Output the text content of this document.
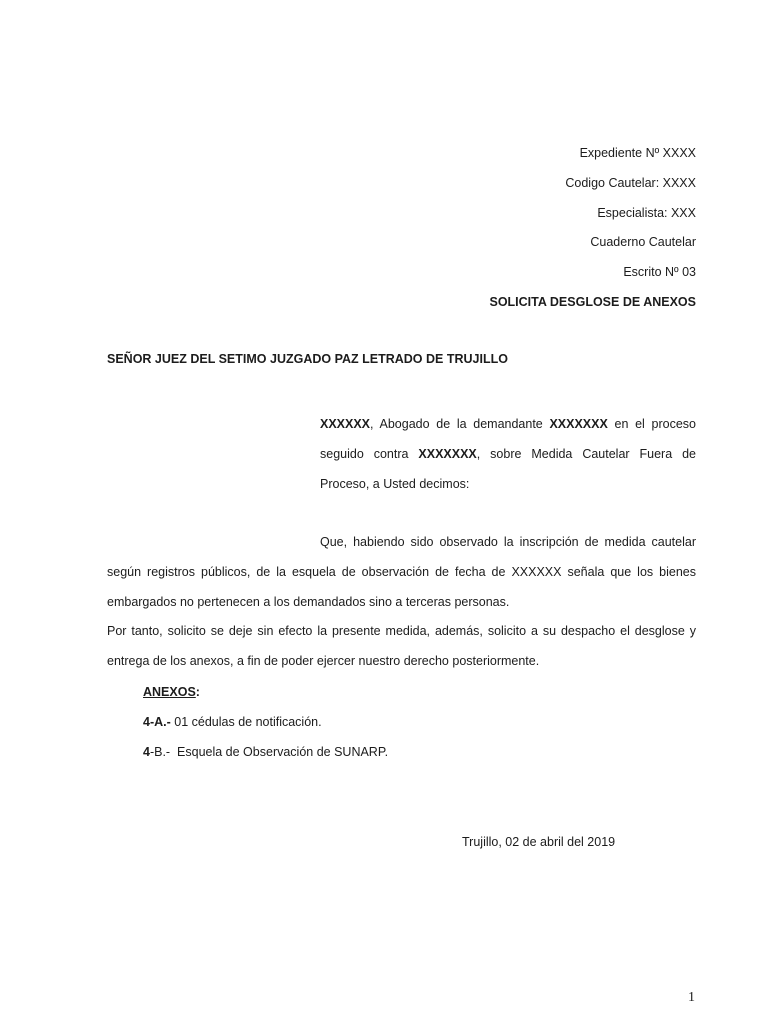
Expediente Nº XXXX
Codigo Cautelar: XXXX
Especialista: XXX
Cuaderno Cautelar
Escrito Nº 03
SOLICITA DESGLOSE DE ANEXOS
SEÑOR JUEZ DEL SETIMO JUZGADO PAZ LETRADO DE TRUJILLO
XXXXXX, Abogado de la demandante XXXXXXX en el proceso seguido contra XXXXXXX, sobre Medida Cautelar Fuera de Proceso, a Usted decimos:
Que, habiendo sido observado la inscripción de medida cautelar según registros públicos, de la esquela de observación de fecha de XXXXXX señala que los bienes embargados no pertenecen a los demandados sino a terceras personas.
Por tanto, solicito se deje sin efecto la presente medida, además, solicito a su despacho el desglose y entrega de los anexos, a fin de poder ejercer nuestro derecho posteriormente.
ANEXOS:
4-A.- 01 cédulas de notificación.
4-B.-  Esquela de Observación de SUNARP.
Trujillo, 02 de abril del 2019
1
